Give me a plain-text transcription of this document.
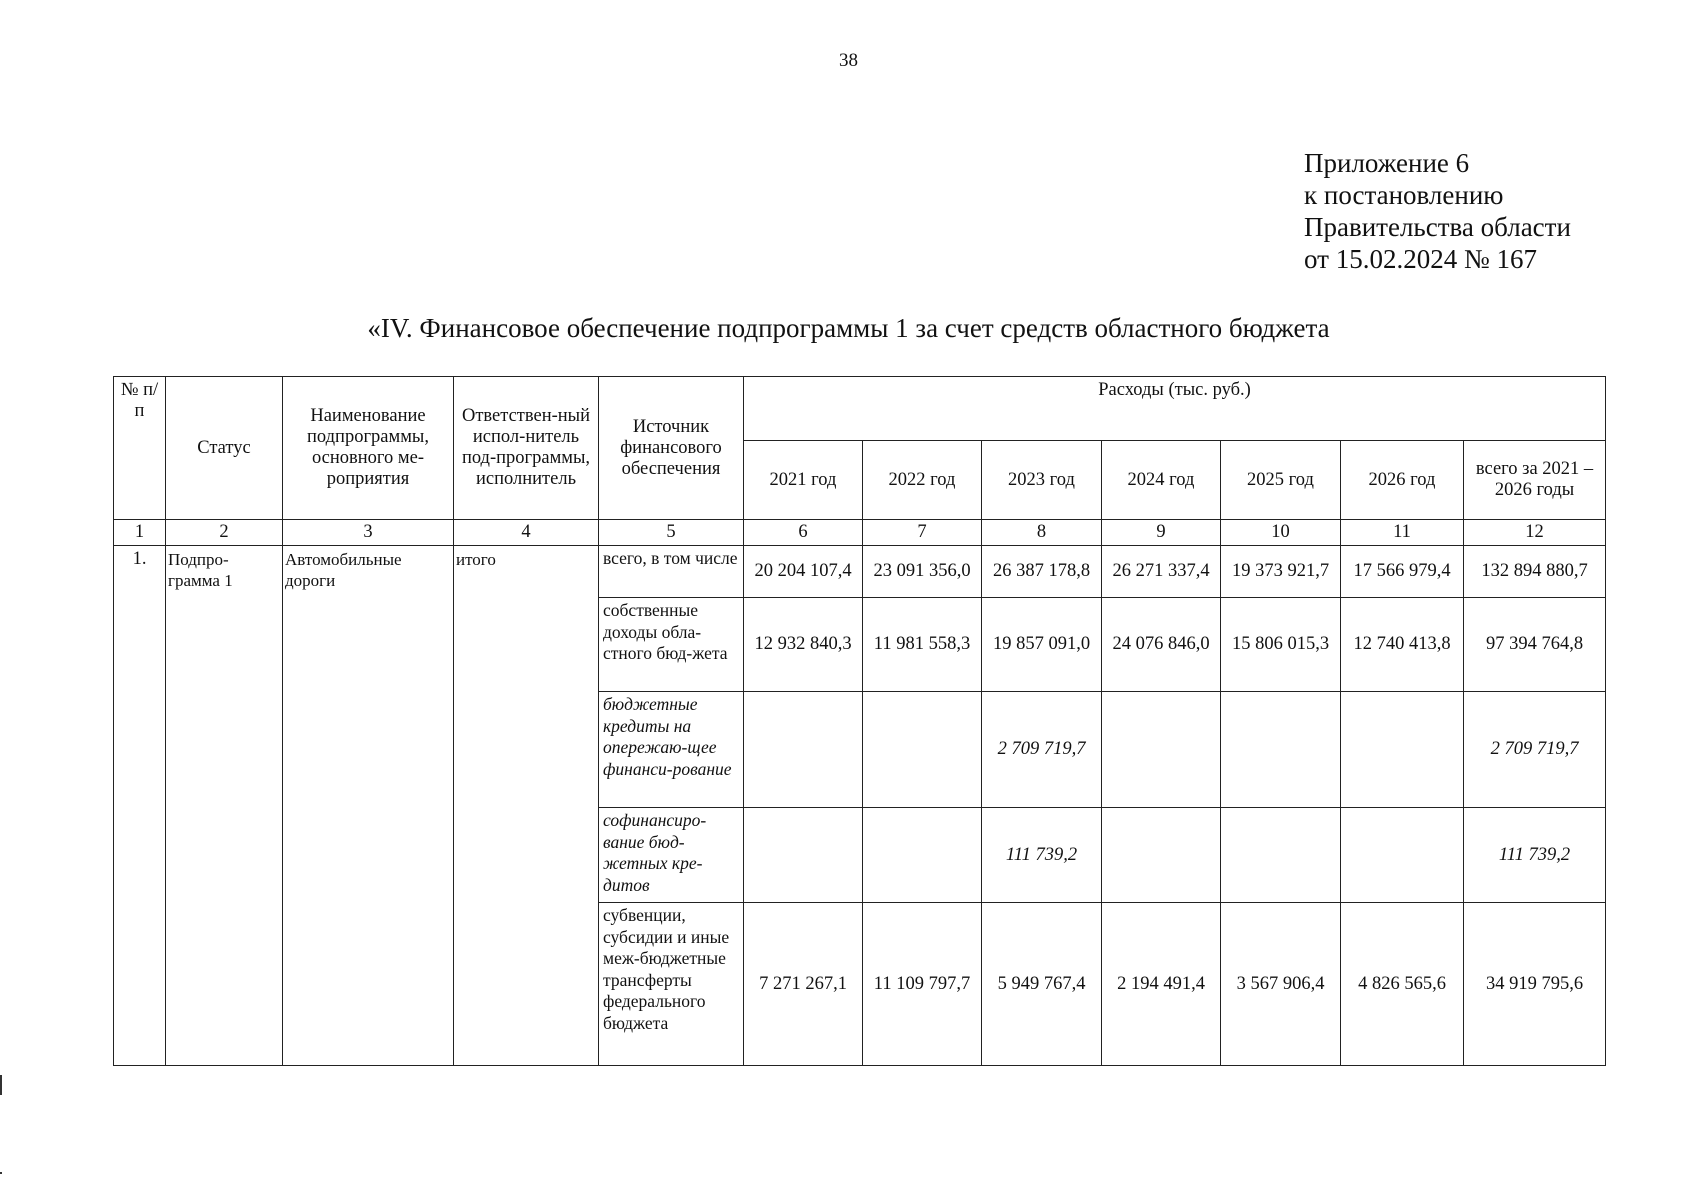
38
Приложение 6
к постановлению
Правительства области
от 15.02.2024 № 167
«IV. Финансовое обеспечение подпрограммы 1 за счет средств областного бюджета
№ п/п	Статус	Наименование подпрограммы, основного ме-роприятия	Ответствен-ный испол-нитель под-программы, исполнитель	Источник финансового обеспечения	Расходы (тыс. руб.)						
					2021 год	2022 год	2023 год	2024 год	2025 год	2026 год	всего за 2021 – 2026 годы
1	2	3	4	5	6	7	8	9	10	11	12
1.	Подпро-грамма 1	Автомобильные дороги	итого	всего, в том числе	20 204 107,4	23 091 356,0	26 387 178,8	26 271 337,4	19 373 921,7	17 566 979,4	132 894 880,7
				собственные доходы обла-стного бюд-жета	12 932 840,3	11 981 558,3	19 857 091,0	24 076 846,0	15 806 015,3	12 740 413,8	97 394 764,8
				бюджетные кредиты на опережаю-щее финанси-рование			2 709 719,7				2 709 719,7
				софинансиро-вание бюд-жетных кре-дитов			111 739,2				111 739,2
				субвенции, субсидии и иные меж-бюджетные трансферты федерального бюджета	7 271 267,1	11 109 797,7	5 949 767,4	2 194 491,4	3 567 906,4	4 826 565,6	34 919 795,6
